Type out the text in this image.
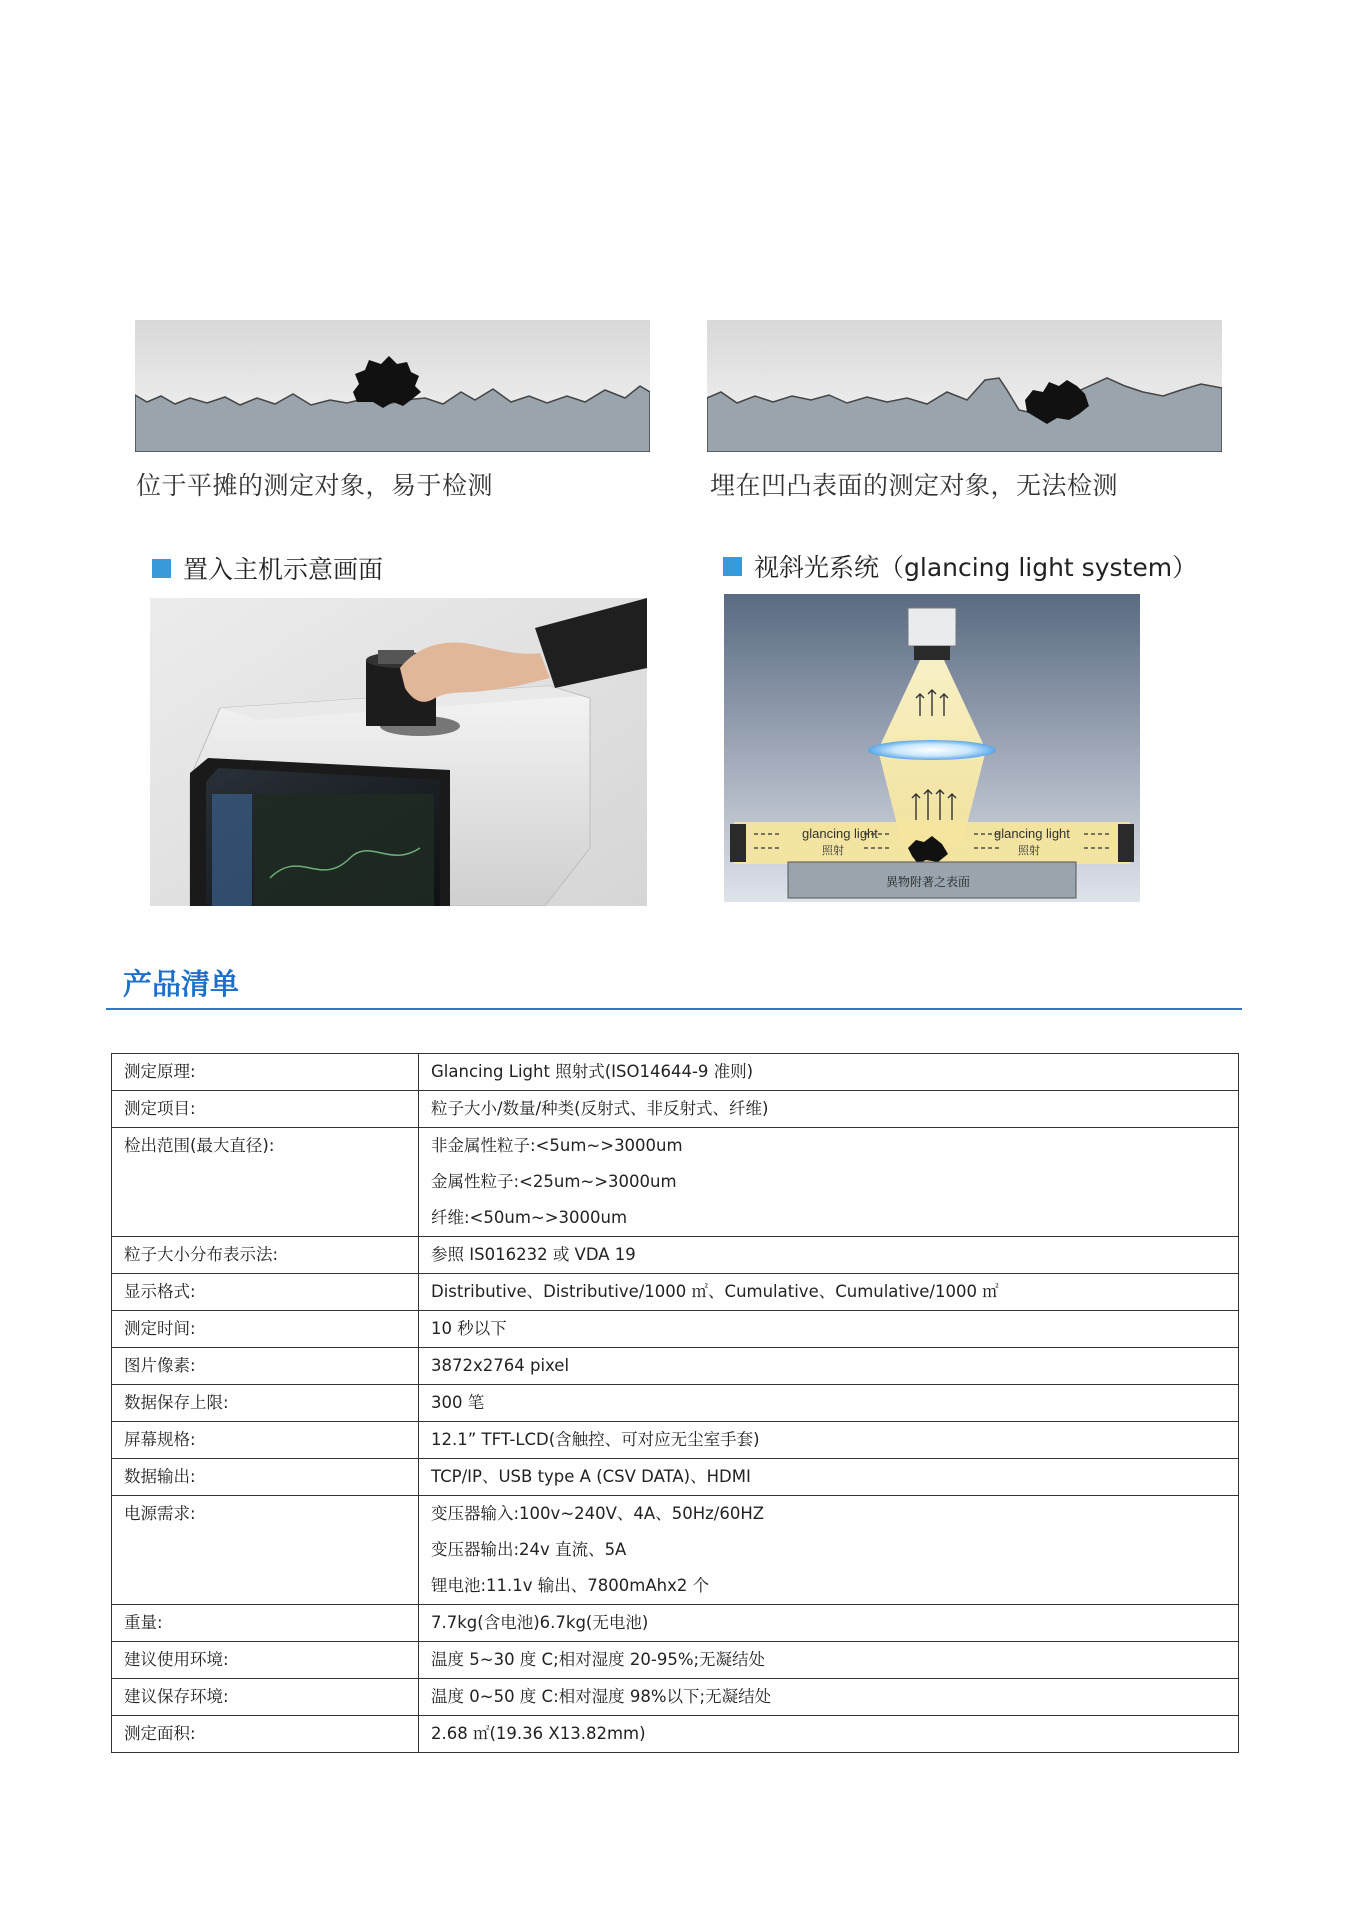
位于平摊的测定对象，易于检测	埋在凹凸表面的测定对象，无法检测
置入主机示意画面	视斜光系统（glancing light system）
glancing light
照射
glancing light
照射
異物附著之表面
产品清单
测定原理:	Glancing Light 照射式(ISO14644-9 准则)

测定项目:	粒子大小/数量/种类(反射式、非反射式、纤维)

检出范围(最大直径):	非金属性粒子:<5um~>3000um
金属性粒子:<25um~>3000um
纤维:<50um~>3000um

粒子大小分布表示法:	参照 IS016232 或 VDA 19

显示格式:	Distributive、Distributive/1000 ㎡、Cumulative、Cumulative/1000 ㎡

测定时间:	10 秒以下

图片像素:	3872x2764 pixel

数据保存上限:	300 笔

屏幕规格:	12.1” TFT-LCD(含触控、可对应无尘室手套)

数据输出:	TCP/IP、USB type A (CSV DATA)、HDMI

电源需求:	变压器输入:100v~240V、4A、50Hz/60HZ
变压器输出:24v 直流、5A
锂电池:11.1v 输出、7800mAhx2 个

重量:	7.7kg(含电池)6.7kg(无电池)

建议使用环境:	温度 5~30 度 C;相对湿度 20-95%;无凝结处

建议保存环境:	温度 0~50 度 C:相对湿度 98%以下;无凝结处

测定面积:	2.68 ㎡(19.36 X13.82mm)
